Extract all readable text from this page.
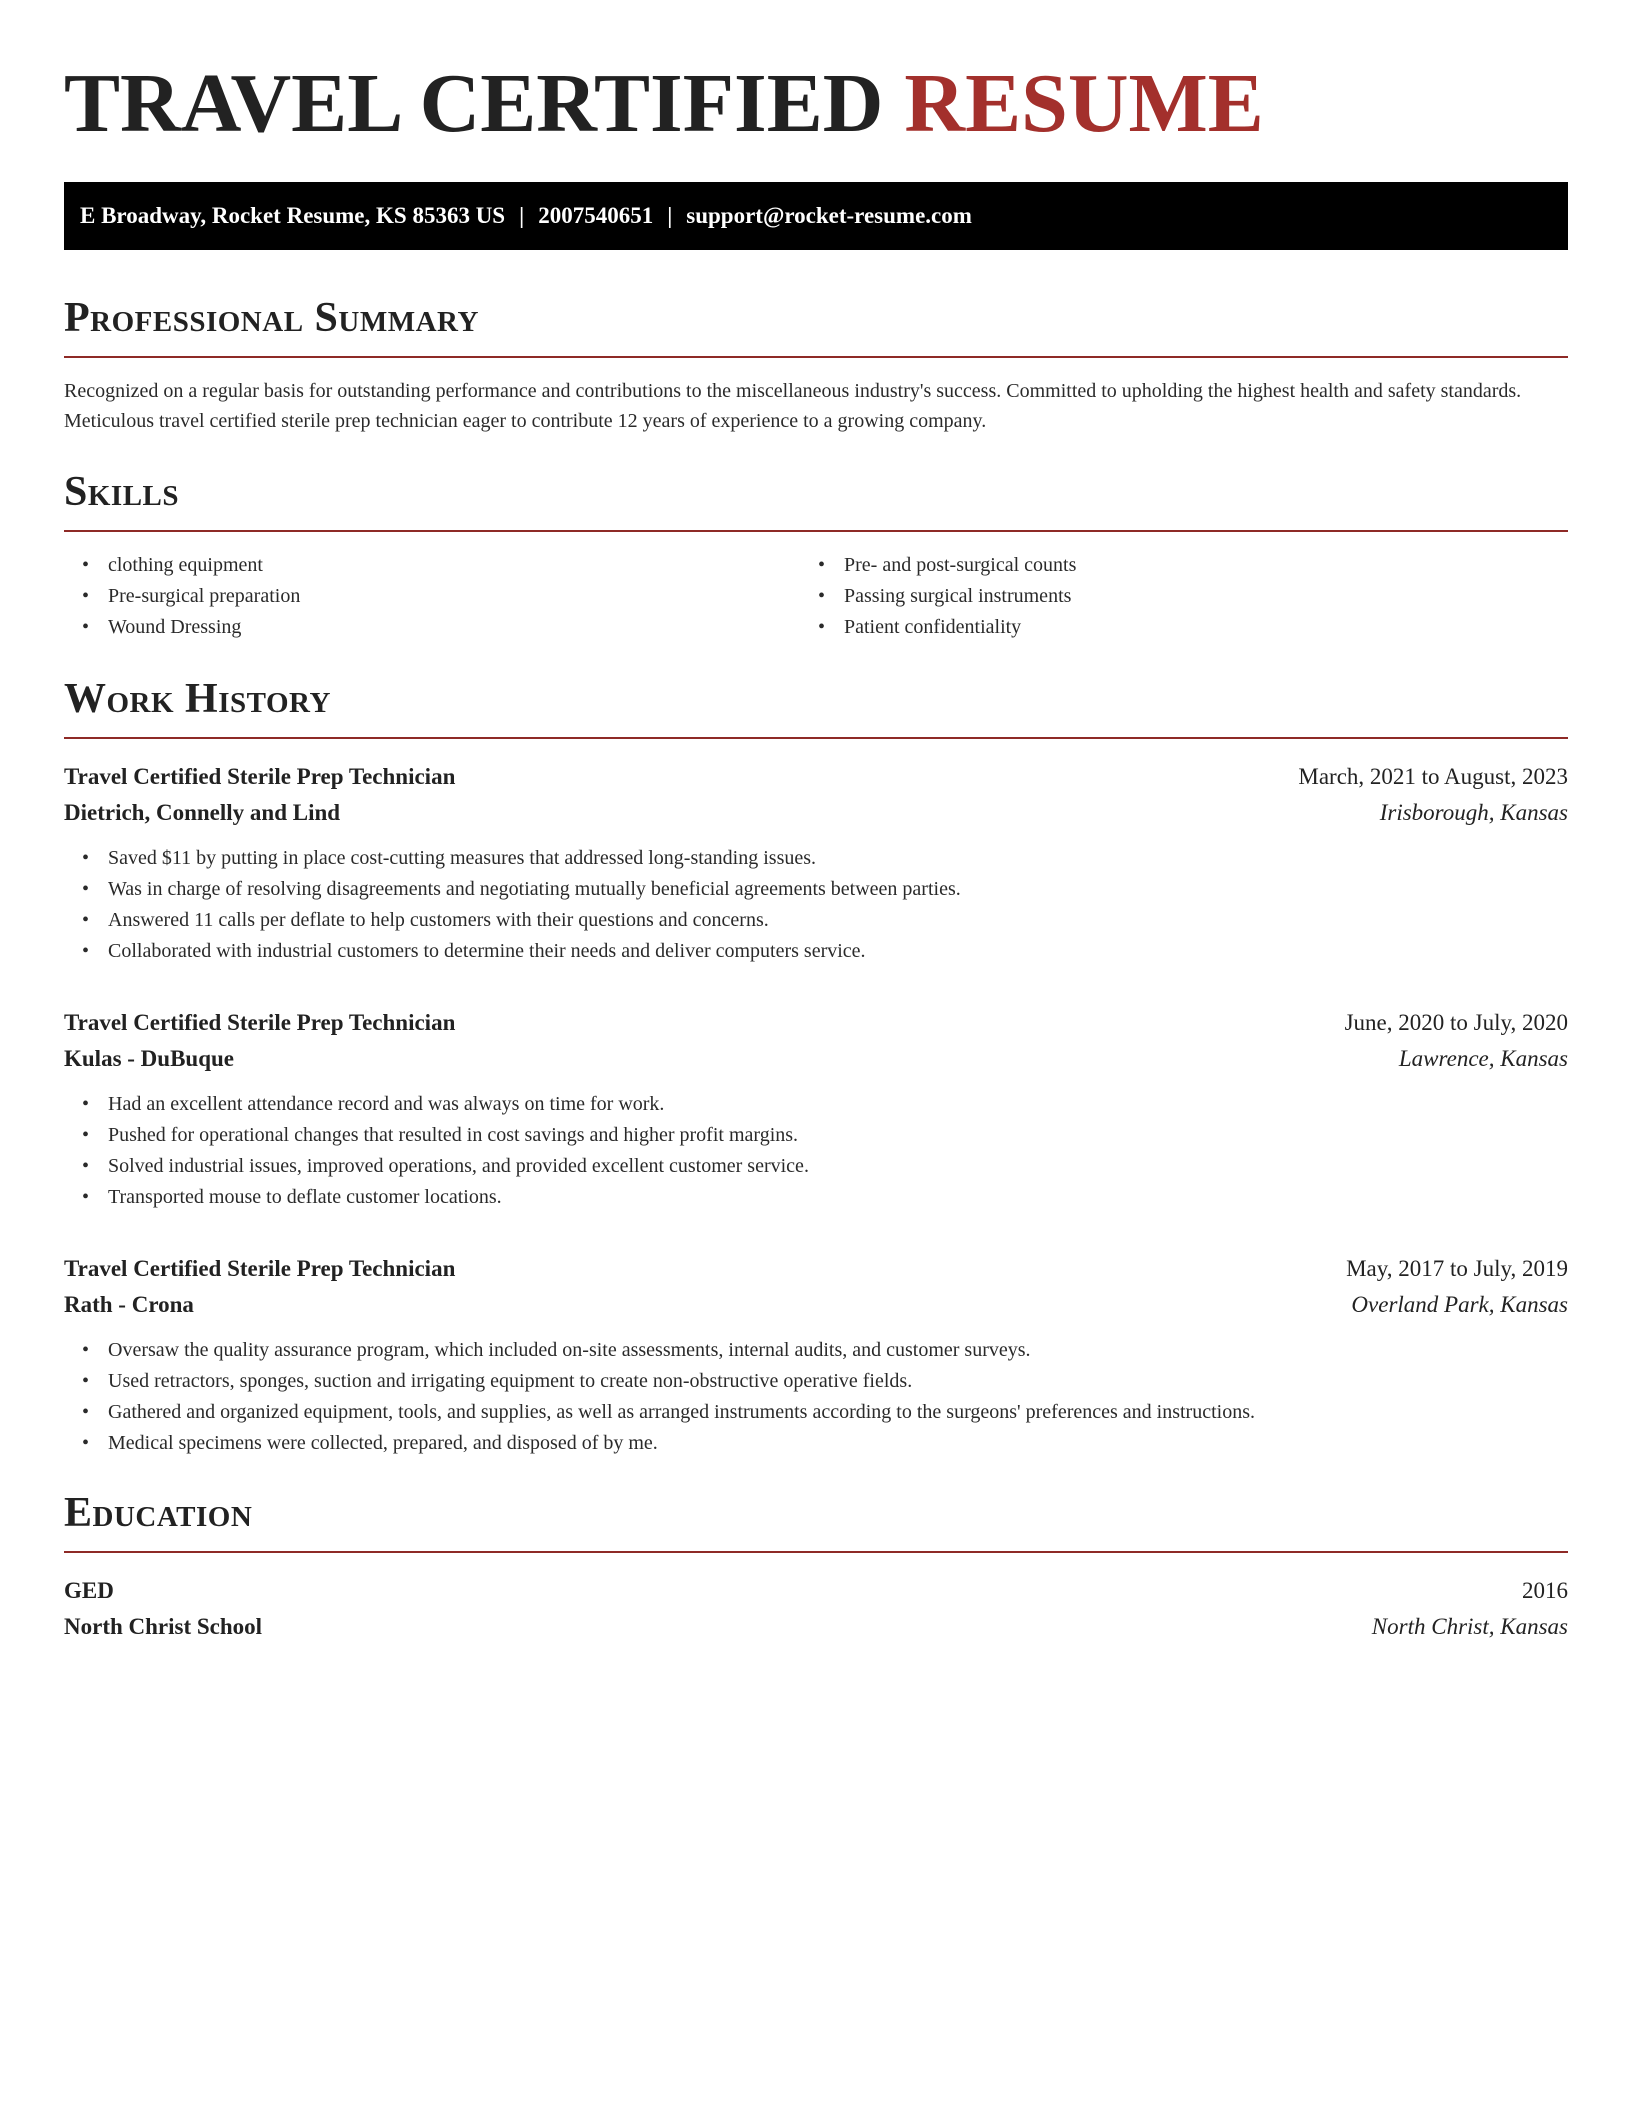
TRAVEL CERTIFIED RESUME
E Broadway, Rocket Resume, KS 85363 US | 2007540651 | support@rocket-resume.com
Professional Summary

Recognized on a regular basis for outstanding performance and contributions to the miscellaneous industry's success. Committed to upholding the highest health and safety standards. Meticulous travel certified sterile prep technician eager to contribute 12 years of experience to a growing company.

Skills
• clothing equipment
• Pre-surgical preparation
• Wound Dressing
• Pre- and post-surgical counts
• Passing surgical instruments
• Patient confidentiality
Work History
Travel Certified Sterile Prep Technician	March, 2021 to August, 2023
Dietrich, Connelly and Lind	Irisborough, Kansas
• Saved $11 by putting in place cost-cutting measures that addressed long-standing issues.
• Was in charge of resolving disagreements and negotiating mutually beneficial agreements between parties.
• Answered 11 calls per deflate to help customers with their questions and concerns.
• Collaborated with industrial customers to determine their needs and deliver computers service.
Travel Certified Sterile Prep Technician	June, 2020 to July, 2020
Kulas - DuBuque	Lawrence, Kansas
• Had an excellent attendance record and was always on time for work.
• Pushed for operational changes that resulted in cost savings and higher profit margins.
• Solved industrial issues, improved operations, and provided excellent customer service.
• Transported mouse to deflate customer locations.
Travel Certified Sterile Prep Technician	May, 2017 to July, 2019
Rath - Crona	Overland Park, Kansas
• Oversaw the quality assurance program, which included on-site assessments, internal audits, and customer surveys.
• Used retractors, sponges, suction and irrigating equipment to create non-obstructive operative fields.
• Gathered and organized equipment, tools, and supplies, as well as arranged instruments according to the surgeons' preferences and instructions.
• Medical specimens were collected, prepared, and disposed of by me.
Education
GED	2016
North Christ School	North Christ, Kansas
